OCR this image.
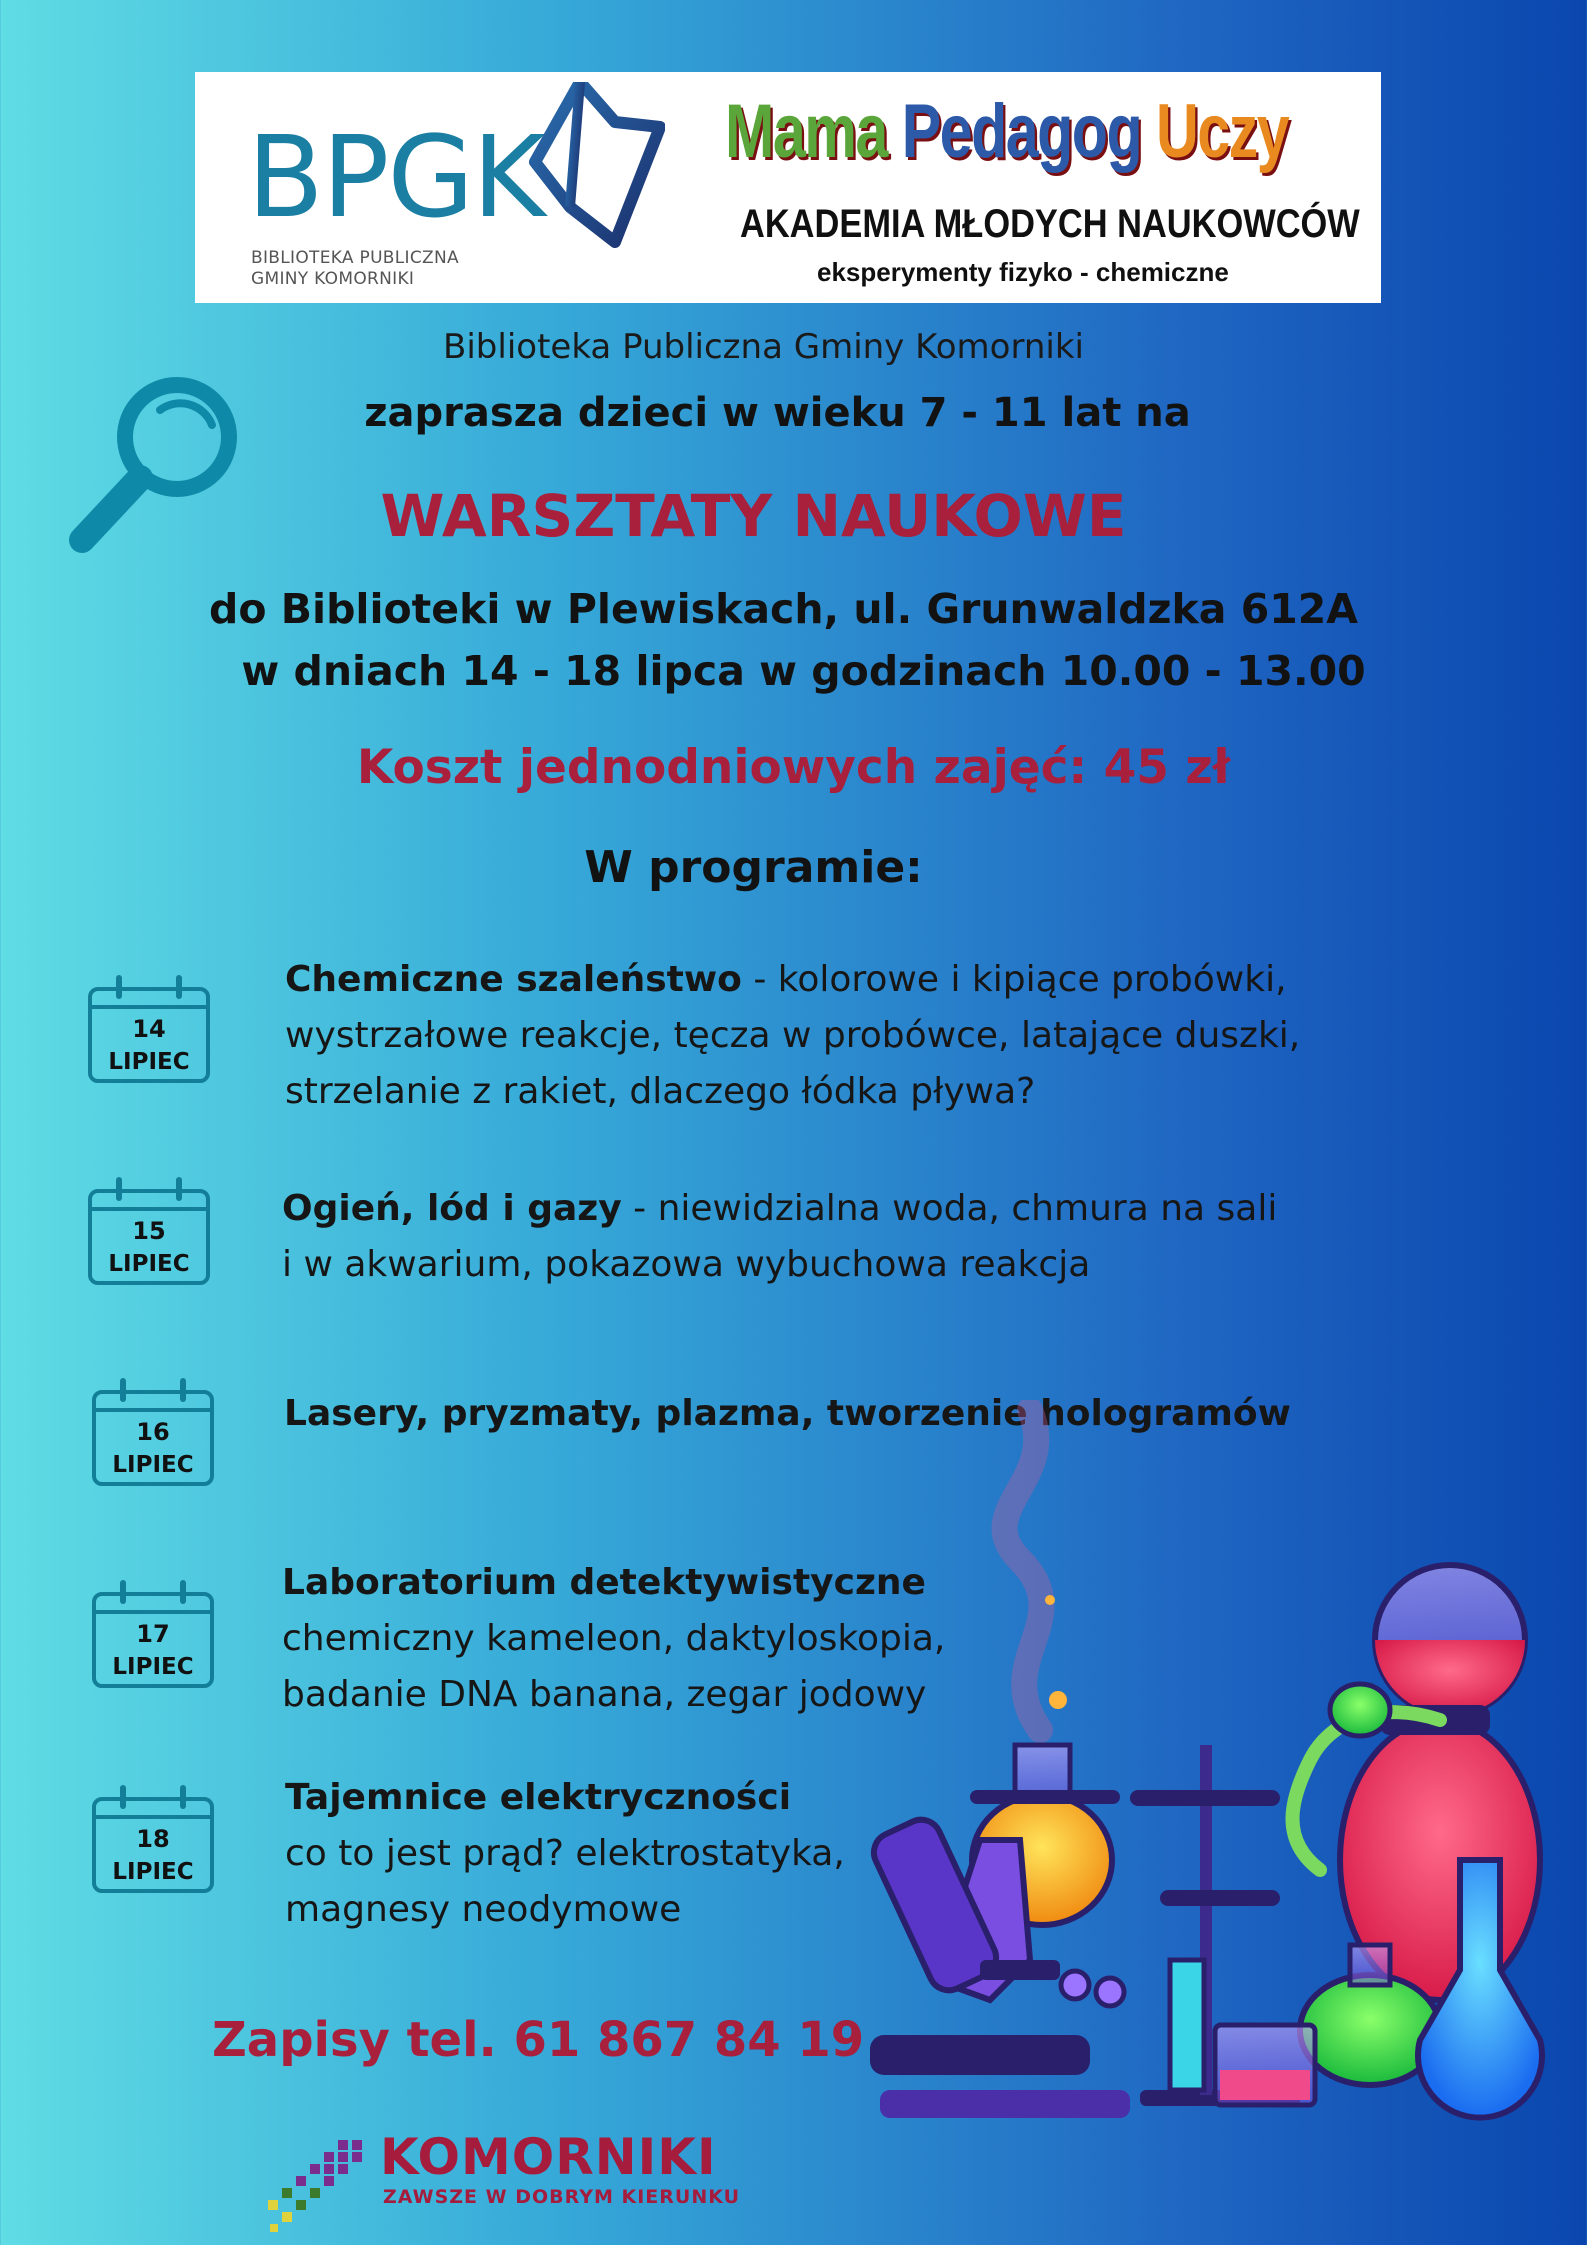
BPGK
BIBLIOTEKA PUBLICZNA
GMINY KOMORNIKI
Mama Pedagog Uczy
AKADEMIA MŁODYCH NAUKOWCÓW
eksperymenty fizyko - chemiczne
Biblioteka Publiczna Gminy Komorniki
zaprasza dzieci w wieku 7 - 11 lat na
WARSZTATY NAUKOWE
do Biblioteki w Plewiskach, ul. Grunwaldzka 612A
w dniach 14 - 18 lipca w godzinach 10.00 - 13.00
Koszt jednodniowych zajęć: 45 zł
W programie:
14
LIPIEC
Chemiczne szaleństwo - kolorowe i kipiące probówki,
wystrzałowe reakcje, tęcza w probówce, latające duszki,
strzelanie z rakiet, dlaczego łódka pływa?
15
LIPIEC
Ogień, lód i gazy - niewidzialna woda, chmura na sali
i w akwarium, pokazowa wybuchowa reakcja
16
LIPIEC
Lasery, pryzmaty, plazma, tworzenie hologramów
17
LIPIEC
Laboratorium detektywistyczne
chemiczny kameleon, daktyloskopia,
badanie DNA banana, zegar jodowy
18
LIPIEC
Tajemnice elektryczności
co to jest prąd? elektrostatyka,
magnesy neodymowe
Zapisy tel. 61 867 84 19
KOMORNIKI
ZAWSZE W DOBRYM KIERUNKU
